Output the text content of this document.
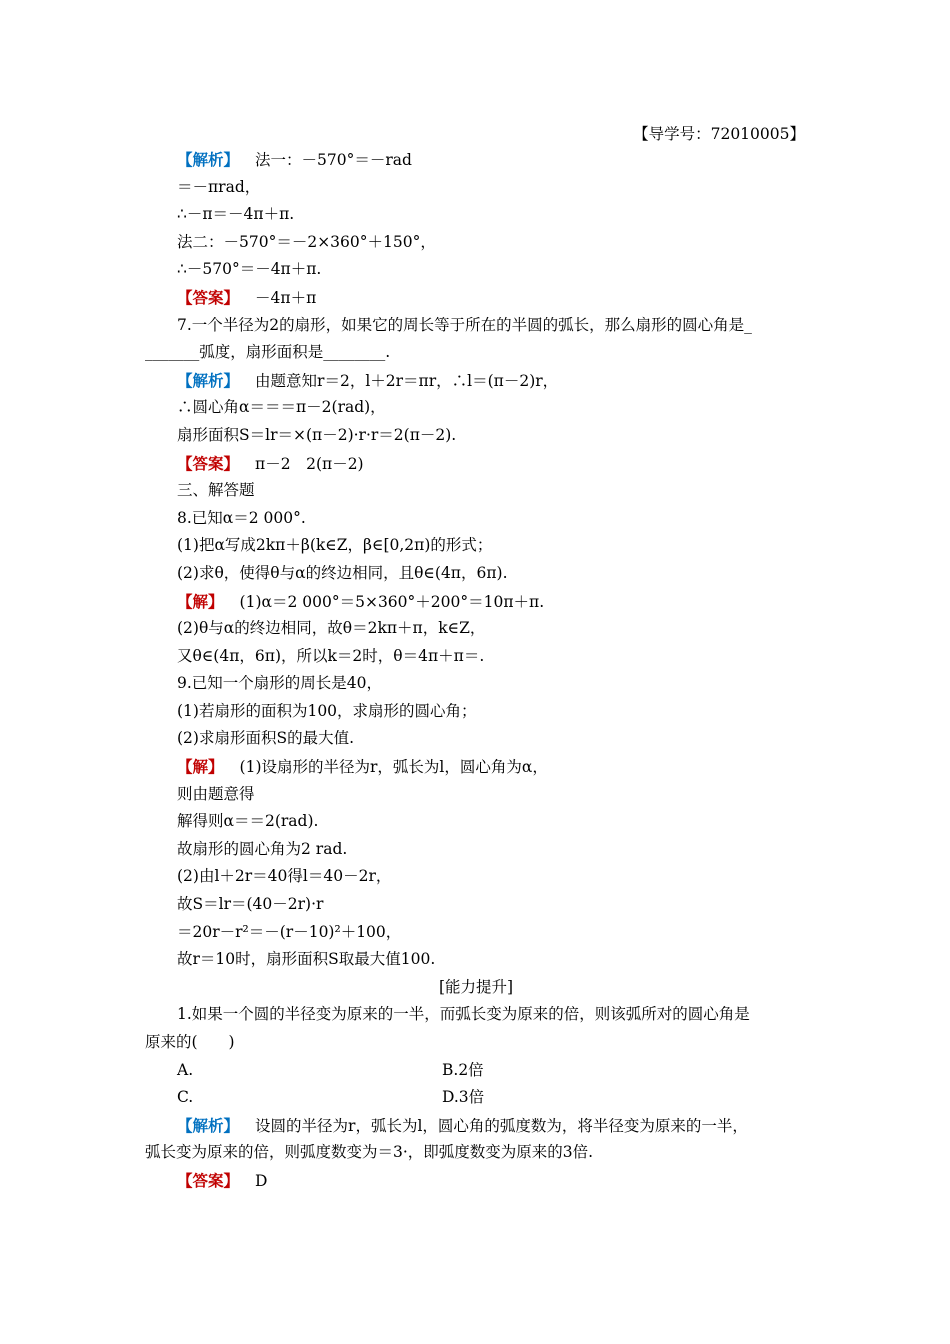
【导学号：72010005】
【解析】 法一：－570°＝－rad
＝－πrad，
∴－π＝－4π＋π.
法二：－570°＝－2×360°＋150°，
∴－570°＝－4π＋π.
【答案】 －4π＋π
7.一个半径为2的扇形，如果它的周长等于所在的半圆的弧长，那么扇形的圆心角是_
_______弧度，扇形面积是________.
【解析】 由题意知r＝2，l＋2r＝πr，∴l＝(π－2)r，
∴圆心角α＝＝＝π－2(rad)，
扇形面积S＝lr＝×(π－2)·r·r＝2(π－2).
【答案】 π－2　2(π－2)
三、解答题
8.已知α＝2 000°.
(1)把α写成2kπ＋β(k∈Z，β∈[0,2π)的形式；
(2)求θ，使得θ与α的终边相同，且θ∈(4π，6π).
【解】 (1)α＝2 000°＝5×360°＋200°＝10π＋π.
(2)θ与α的终边相同，故θ＝2kπ＋π，k∈Z，
又θ∈(4π，6π)，所以k＝2时，θ＝4π＋π＝.
9.已知一个扇形的周长是40，
(1)若扇形的面积为100，求扇形的圆心角；
(2)求扇形面积S的最大值.
【解】 (1)设扇形的半径为r，弧长为l，圆心角为α，
则由题意得
解得则α＝＝2(rad).
故扇形的圆心角为2 rad.
(2)由l＋2r＝40得l＝40－2r，
故S＝lr＝(40－2r)·r
＝20r－r²＝－(r－10)²＋100，
故r＝10时，扇形面积S取最大值100.
[能力提升]
1.如果一个圆的半径变为原来的一半，而弧长变为原来的倍，则该弧所对的圆心角是
原来的(　　)
A.	B.2倍
C.	D.3倍
【解析】 设圆的半径为r，弧长为l，圆心角的弧度数为，将半径变为原来的一半，
弧长变为原来的倍，则弧度数变为＝3·，即弧度数变为原来的3倍.
【答案】 D
